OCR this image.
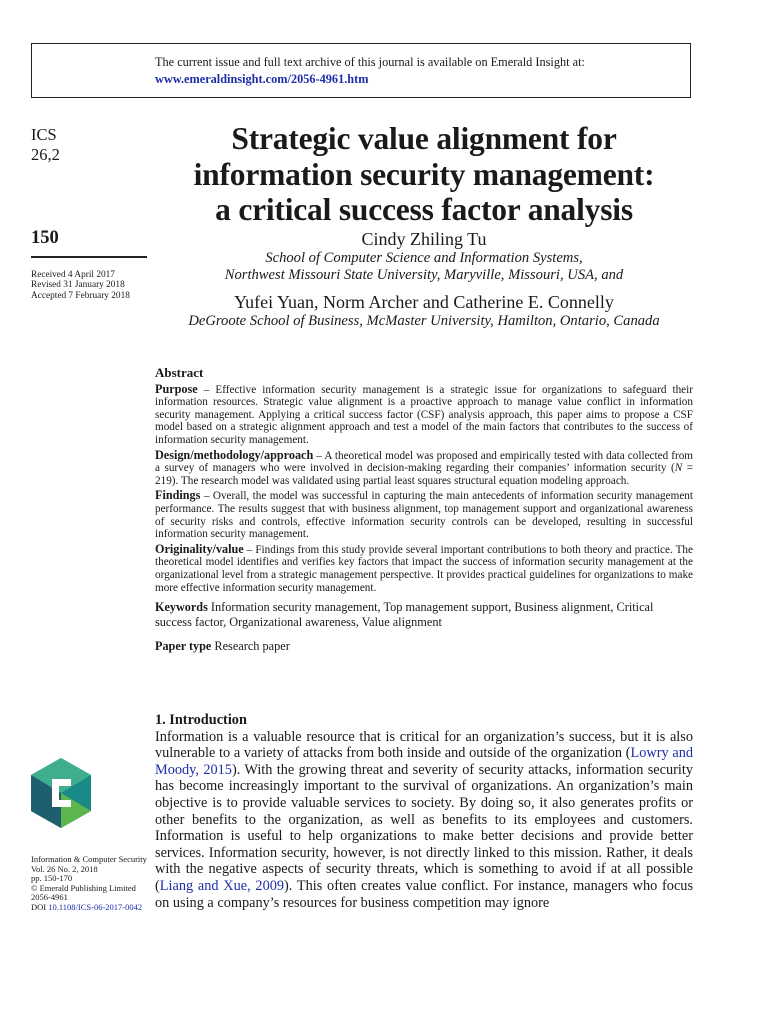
The current issue and full text archive of this journal is available on Emerald Insight at:
www.emeraldinsight.com/2056-4961.htm
ICS
26,2
150
Received 4 April 2017
Revised 31 January 2018
Accepted 7 February 2018
Strategic value alignment for
information security management:
a critical success factor analysis
Cindy Zhiling Tu
School of Computer Science and Information Systems,
Northwest Missouri State University, Maryville, Missouri, USA, and
Yufei Yuan, Norm Archer and Catherine E. Connelly
DeGroote School of Business, McMaster University, Hamilton, Ontario, Canada
Abstract

Purpose – Effective information security management is a strategic issue for organizations to safeguard their information resources. Strategic value alignment is a proactive approach to manage value conflict in information security management. Applying a critical success factor (CSF) analysis approach, this paper aims to propose a CSF model based on a strategic alignment approach and test a model of the main factors that contributes to the success of information security management.

Design/methodology/approach – A theoretical model was proposed and empirically tested with data collected from a survey of managers who were involved in decision-making regarding their companies’ information security (N = 219). The research model was validated using partial least squares structural equation modeling approach.

Findings – Overall, the model was successful in capturing the main antecedents of information security management performance. The results suggest that with business alignment, top management support and organizational awareness of security risks and controls, effective information security controls can be developed, resulting in successful information security management.

Originality/value – Findings from this study provide several important contributions to both theory and practice. The theoretical model identifies and verifies key factors that impact the success of information security management at the organizational level from a strategic management perspective. It provides practical guidelines for organizations to make more effective information security management.

Keywords Information security management, Top management support, Business alignment, Critical success factor, Organizational awareness, Value alignment

Paper type Research paper

1. Introduction
Information is a valuable resource that is critical for an organization’s success, but it is also vulnerable to a variety of attacks from both inside and outside of the organization (Lowry and Moody, 2015). With the growing threat and severity of security attacks, information security has become increasingly important to the survival of organizations. An organization’s main objective is to provide valuable services to society. By doing so, it also generates profits or other benefits to the organization, as well as benefits to its employees and customers. Information is useful to help organizations to make better decisions and provide better services. Information security, however, is not directly linked to this mission. Rather, it deals with the negative aspects of security threats, which is something to avoid if at all possible (Liang and Xue, 2009). This often creates value conflict. For instance, managers who focus on using a company’s resources for business competition may ignore
Information & Computer Security
Vol. 26 No. 2, 2018
pp. 150-170
© Emerald Publishing Limited
2056-4961
DOI 10.1108/ICS-06-2017-0042
